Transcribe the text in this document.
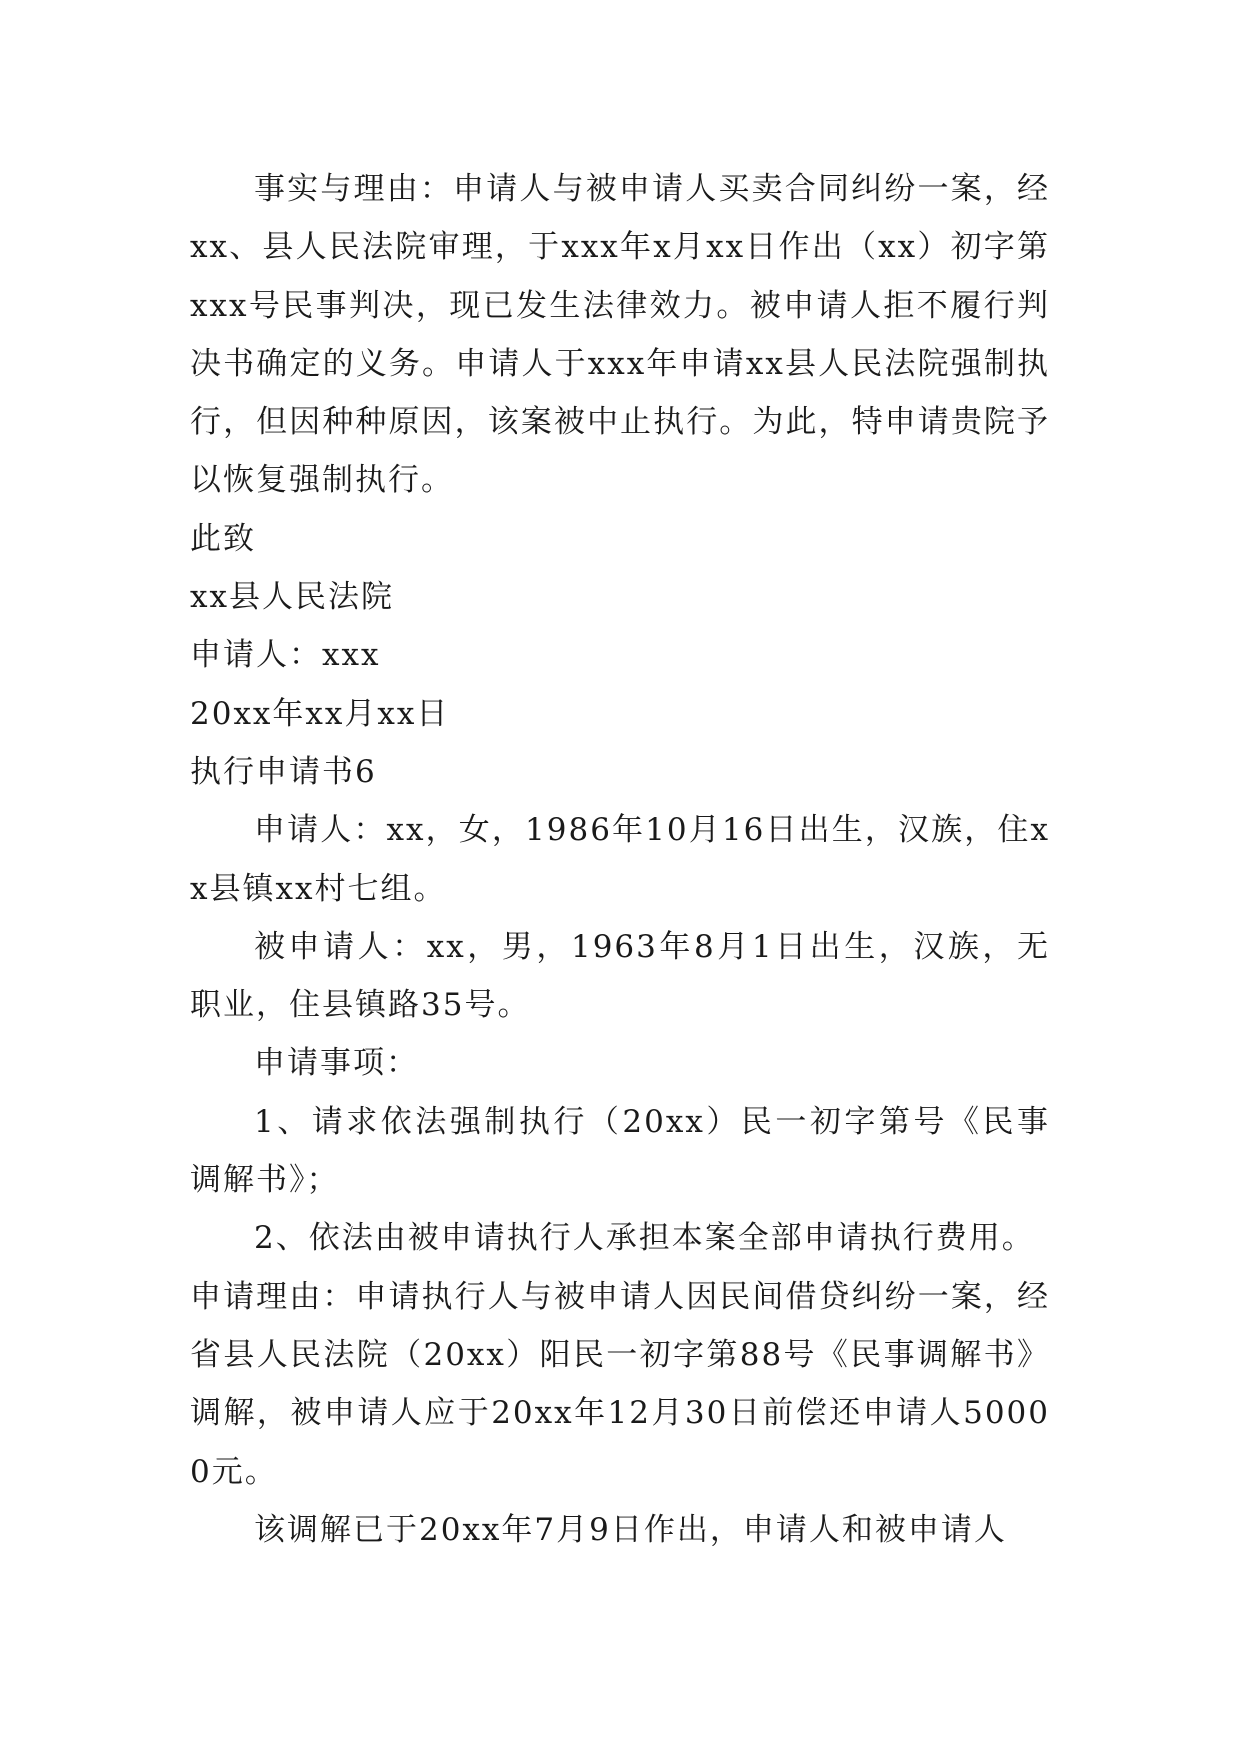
事实与理由：申请人与被申请人买卖合同纠纷一案，经xx、县人民法院审理，于xxx年x月xx日作出（xx）初字第xxx号民事判决，现已发生法律效力。被申请人拒不履行判决书确定的义务。申请人于xxx年申请xx县人民法院强制执行，但因种种原因，该案被中止执行。为此，特申请贵院予以恢复强制执行。

此致

xx县人民法院

申请人：xxx

20xx年xx月xx日

执行申请书6

申请人：xx，女，1986年10月16日出生，汉族，住xx县镇xx村七组。

被申请人：xx，男，1963年8月1日出生，汉族，无职业，住县镇路35号。

申请事项：

1、请求依法强制执行（20xx）民一初字第号《民事调解书》；

2、依法由被申请执行人承担本案全部申请执行费用。

申请理由：申请执行人与被申请人因民间借贷纠纷一案，经省县人民法院（20xx）阳民一初字第88号《民事调解书》调解，被申请人应于20xx年12月30日前偿还申请人50000元。

该调解已于20xx年7月9日作出，申请人和被申请人
